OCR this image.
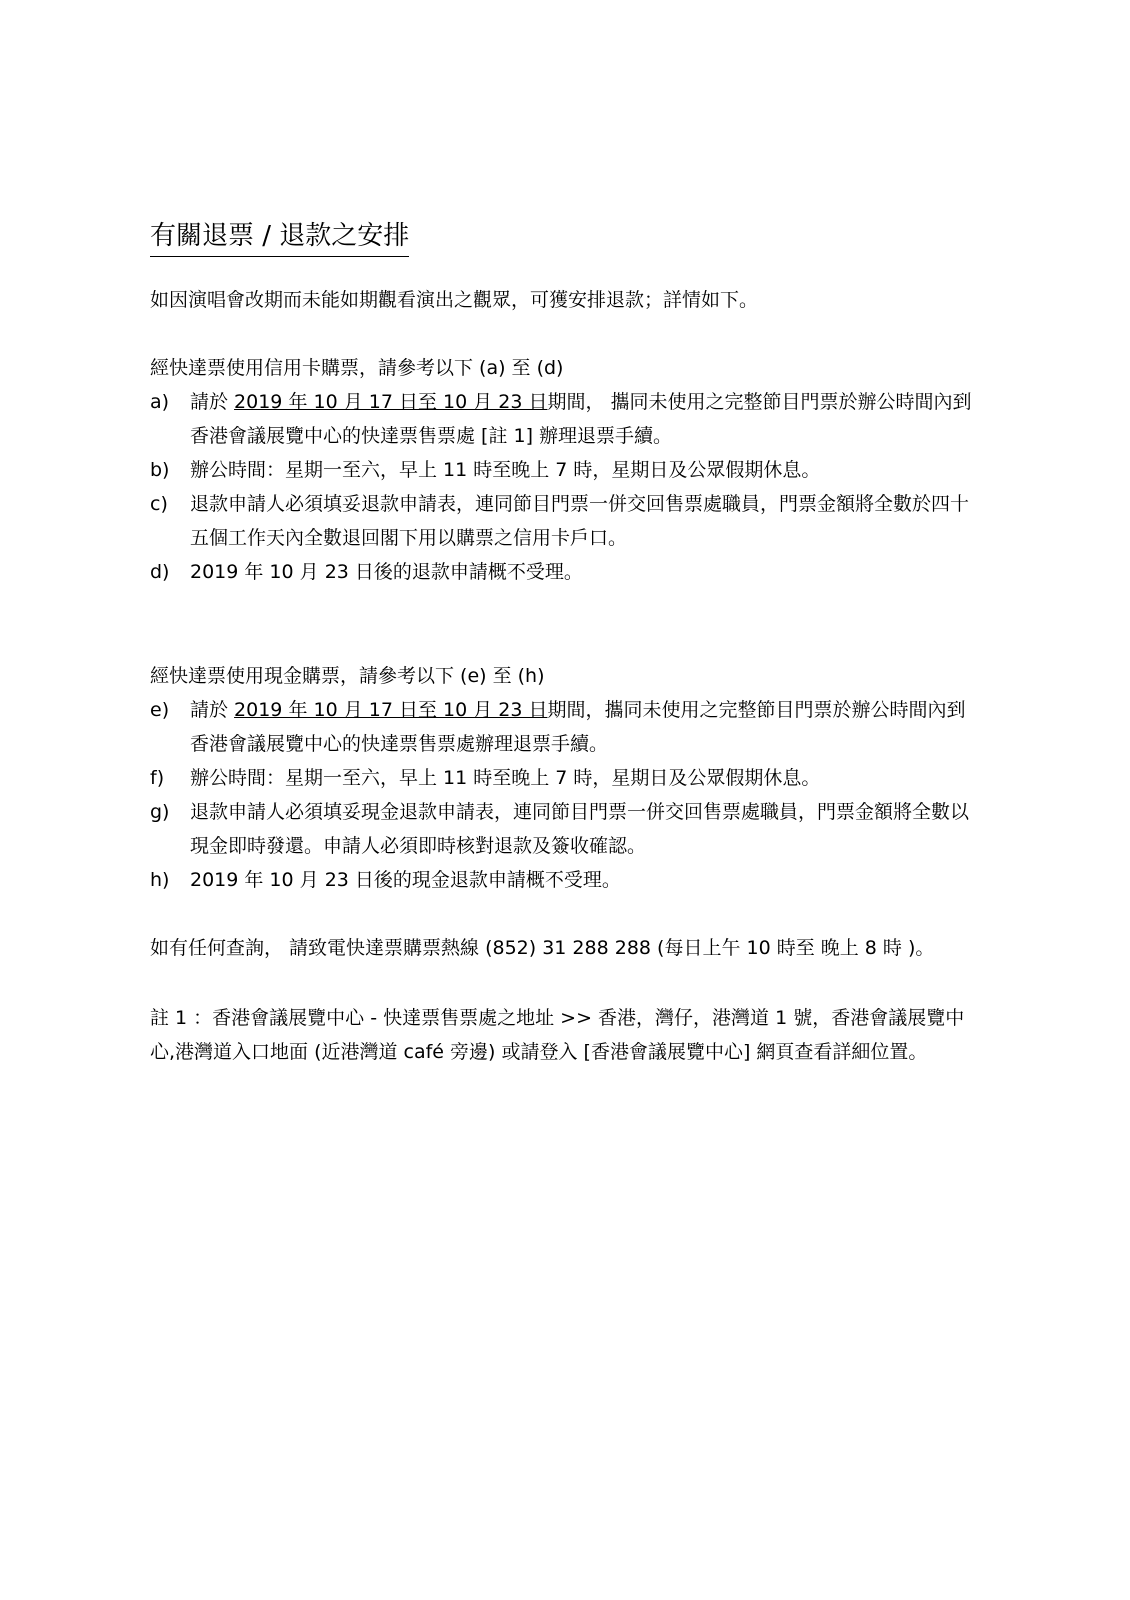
有關退票 / 退款之安排

如因演唱會改期而未能如期觀看演出之觀眾，可獲安排退款；詳情如下。

經快達票使用信用卡購票，請參考以下 (a) 至 (d)

a)	請於 2019 年 10 月 17 日至 10 月 23 日期間， 攜同未使用之完整節目門票於辦公時間內到香港會議展覽中心的快達票售票處 [註 1] 辦理退票手續。
b)	辦公時間：星期一至六，早上 11 時至晚上 7 時，星期日及公眾假期休息。
c)	退款申請人必須填妥退款申請表，連同節目門票一併交回售票處職員，門票金額將全數於四十五個工作天內全數退回閣下用以購票之信用卡戶口。
d)	2019 年 10 月 23 日後的退款申請概不受理。

經快達票使用現金購票，請參考以下 (e) 至 (h)

e)	請於 2019 年 10 月 17 日至 10 月 23 日期間，攜同未使用之完整節目門票於辦公時間內到香港會議展覽中心的快達票售票處辦理退票手續。
f)	辦公時間：星期一至六，早上 11 時至晚上 7 時，星期日及公眾假期休息。
g)	退款申請人必須填妥現金退款申請表，連同節目門票一併交回售票處職員，門票金額將全數以現金即時發還。申請人必須即時核對退款及簽收確認。
h)	2019 年 10 月 23 日後的現金退款申請概不受理。

如有任何查詢， 請致電快達票購票熱線 (852) 31 288 288 (每日上午 10 時至 晚上 8 時 )。

註 1 ：香港會議展覽中心 - 快達票售票處之地址 >> 香港，灣仔，港灣道 1 號，香港會議展覽中心,港灣道入口地面 (近港灣道 café 旁邊) 或請登入 [香港會議展覽中心] 網頁查看詳細位置。
